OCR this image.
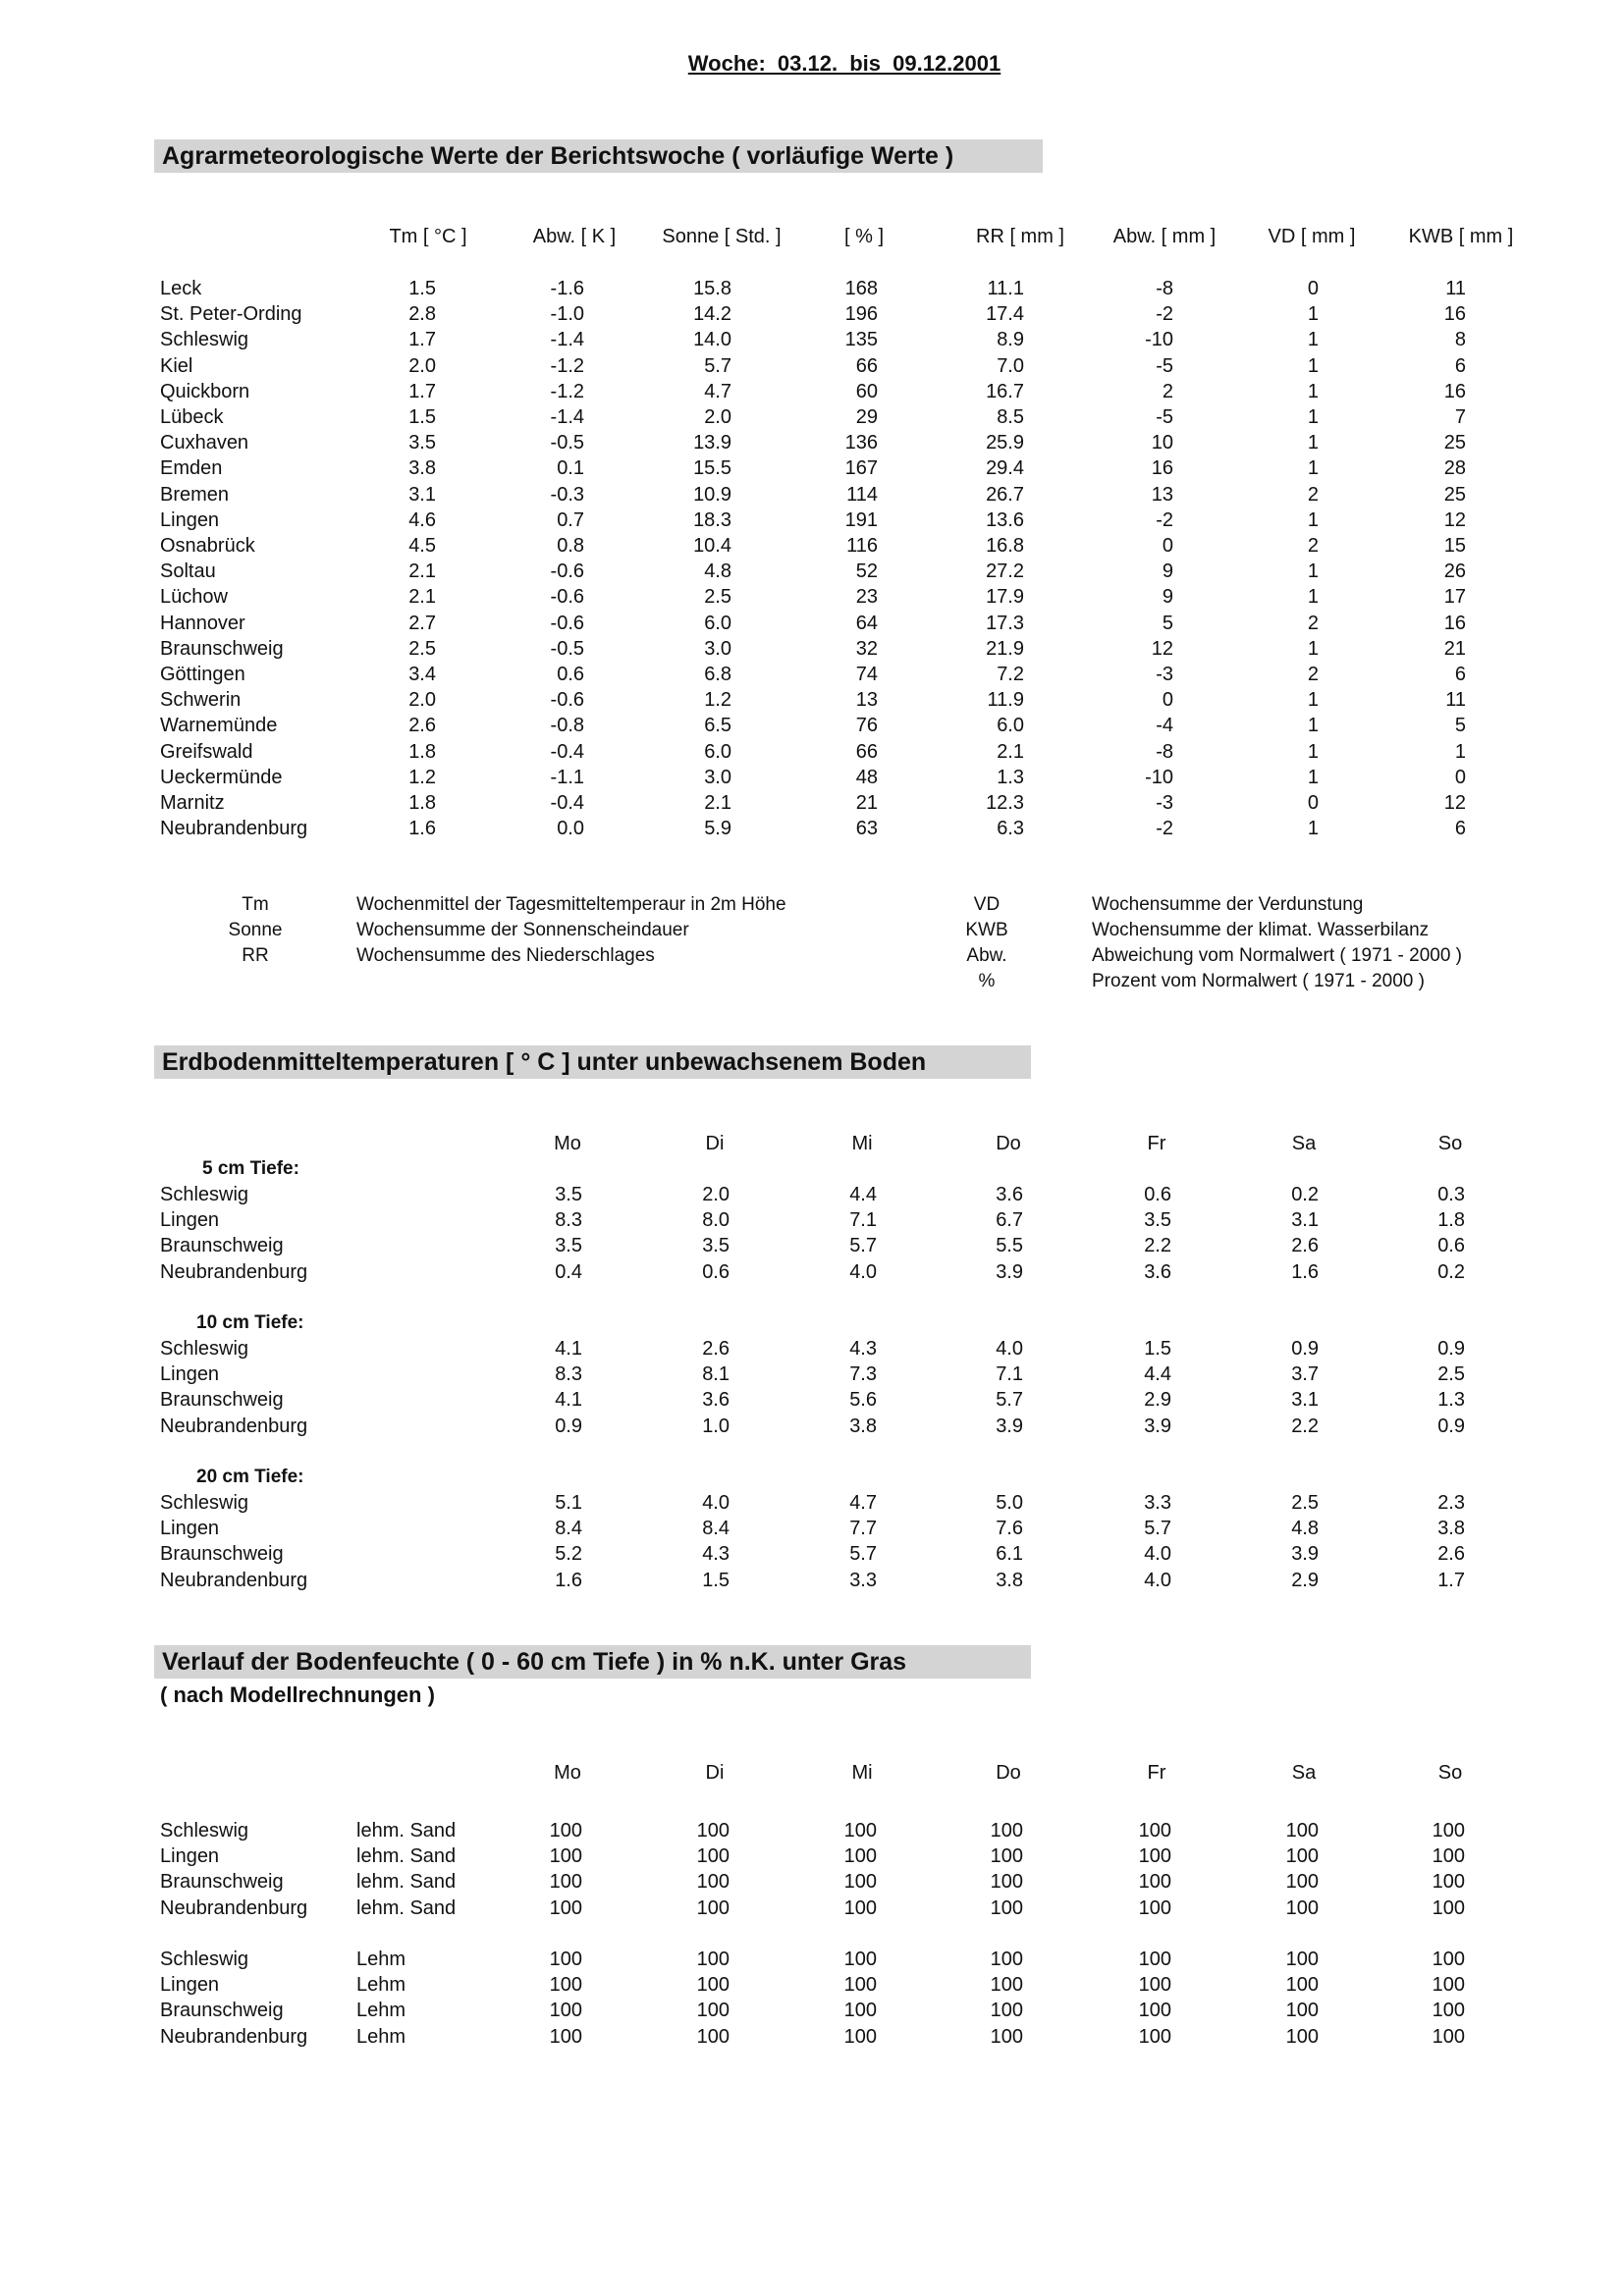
Woche: 03.12. bis 09.12.2001
Agrarmeteorologische Werte der Berichtswoche ( vorläufige Werte )
Tm [ °C ]	Abw. [ K ]	Sonne [ Std. ]	[ % ]	RR [ mm ]	Abw. [ mm ]	VD [ mm ]	KWB [ mm ]
Leck	1.5	-1.6	15.8	168	11.1	-8	0	11
St. Peter-Ording	2.8	-1.0	14.2	196	17.4	-2	1	16
Schleswig	1.7	-1.4	14.0	135	8.9	-10	1	8
Kiel	2.0	-1.2	5.7	66	7.0	-5	1	6
Quickborn	1.7	-1.2	4.7	60	16.7	2	1	16
Lübeck	1.5	-1.4	2.0	29	8.5	-5	1	7
Cuxhaven	3.5	-0.5	13.9	136	25.9	10	1	25
Emden	3.8	0.1	15.5	167	29.4	16	1	28
Bremen	3.1	-0.3	10.9	114	26.7	13	2	25
Lingen	4.6	0.7	18.3	191	13.6	-2	1	12
Osnabrück	4.5	0.8	10.4	116	16.8	0	2	15
Soltau	2.1	-0.6	4.8	52	27.2	9	1	26
Lüchow	2.1	-0.6	2.5	23	17.9	9	1	17
Hannover	2.7	-0.6	6.0	64	17.3	5	2	16
Braunschweig	2.5	-0.5	3.0	32	21.9	12	1	21
Göttingen	3.4	0.6	6.8	74	7.2	-3	2	6
Schwerin	2.0	-0.6	1.2	13	11.9	0	1	11
Warnemünde	2.6	-0.8	6.5	76	6.0	-4	1	5
Greifswald	1.8	-0.4	6.0	66	2.1	-8	1	1
Ueckermünde	1.2	-1.1	3.0	48	1.3	-10	1	0
Marnitz	1.8	-0.4	2.1	21	12.3	-3	0	12
Neubrandenburg	1.6	0.0	5.9	63	6.3	-2	1	6
Tm	Wochenmittel der Tagesmitteltemperaur in 2m Höhe
Sonne	Wochensumme der Sonnenscheindauer
RR	Wochensumme des Niederschlages
VD	Wochensumme der Verdunstung
KWB	Wochensumme der klimat. Wasserbilanz
Abw.	Abweichung vom Normalwert ( 1971 - 2000 )
%	Prozent vom Normalwert ( 1971 - 2000 )
Erdbodenmitteltemperaturen [ ° C ] unter unbewachsenem Boden
Mo	Di	Mi	Do	Fr	Sa	So
5 cm Tiefe:
Schleswig	3.5	2.0	4.4	3.6	0.6	0.2	0.3
Lingen	8.3	8.0	7.1	6.7	3.5	3.1	1.8
Braunschweig	3.5	3.5	5.7	5.5	2.2	2.6	0.6
Neubrandenburg	0.4	0.6	4.0	3.9	3.6	1.6	0.2
10 cm Tiefe:
Schleswig	4.1	2.6	4.3	4.0	1.5	0.9	0.9
Lingen	8.3	8.1	7.3	7.1	4.4	3.7	2.5
Braunschweig	4.1	3.6	5.6	5.7	2.9	3.1	1.3
Neubrandenburg	0.9	1.0	3.8	3.9	3.9	2.2	0.9
20 cm Tiefe:
Schleswig	5.1	4.0	4.7	5.0	3.3	2.5	2.3
Lingen	8.4	8.4	7.7	7.6	5.7	4.8	3.8
Braunschweig	5.2	4.3	5.7	6.1	4.0	3.9	2.6
Neubrandenburg	1.6	1.5	3.3	3.8	4.0	2.9	1.7
Verlauf der Bodenfeuchte ( 0 - 60 cm Tiefe ) in % n.K. unter Gras
( nach Modellrechnungen )
Mo	Di	Mi	Do	Fr	Sa	So
Schleswig	lehm. Sand	100	100	100	100	100	100	100
Lingen	lehm. Sand	100	100	100	100	100	100	100
Braunschweig	lehm. Sand	100	100	100	100	100	100	100
Neubrandenburg lehm. Sand	100	100	100	100	100	100	100
Schleswig	Lehm	100	100	100	100	100	100	100
Lingen	Lehm	100	100	100	100	100	100	100
Braunschweig	Lehm	100	100	100	100	100	100	100
Neubrandenburg Lehm	100	100	100	100	100	100	100
